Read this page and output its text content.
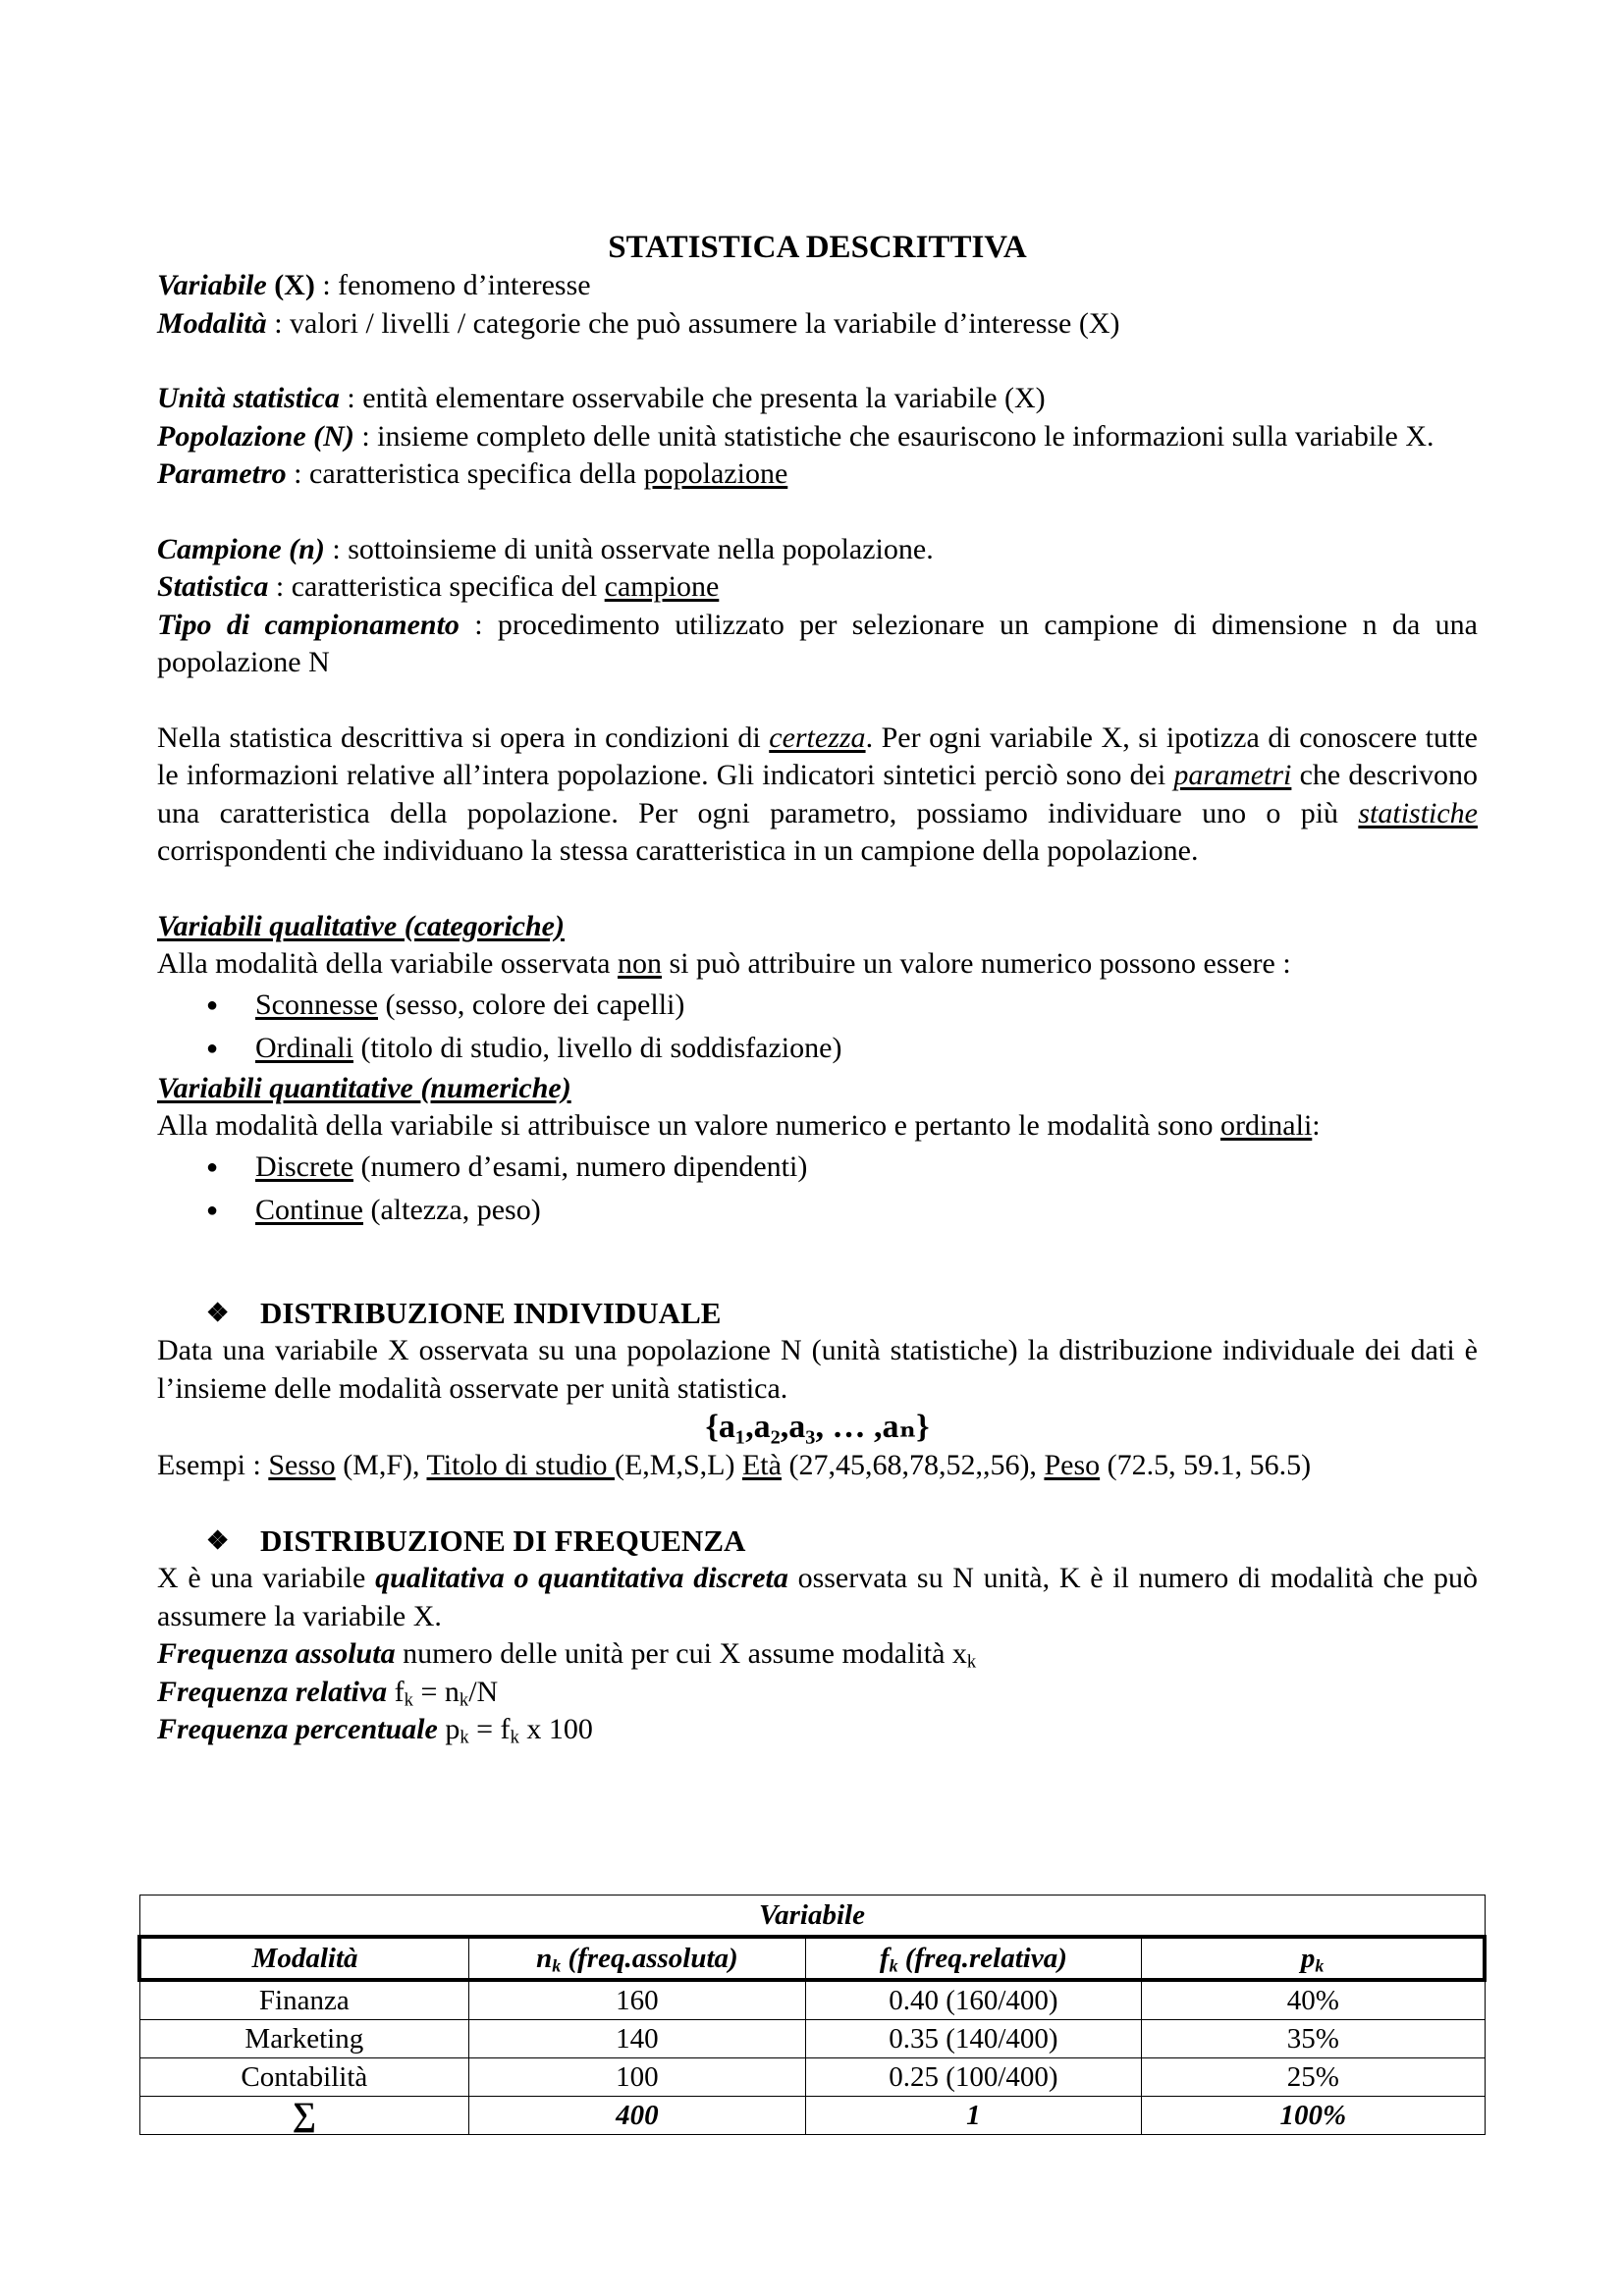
STATISTICA DESCRITTIVA

Variabile (X) : fenomeno d’interesse

Modalità : valori / livelli / categorie che può assumere la variabile d’interesse (X)

Unità statistica : entità elementare osservabile che presenta la variabile (X)

Popolazione (N) : insieme completo delle unità statistiche che esauriscono le informazioni sulla variabile X.

Parametro : caratteristica specifica della popolazione

Campione (n) : sottoinsieme di unità osservate nella popolazione.

Statistica : caratteristica specifica del campione

Tipo di campionamento : procedimento utilizzato per selezionare un campione di dimensione n da una popolazione N

Nella statistica descrittiva si opera in condizioni di certezza. Per ogni variabile X, si ipotizza di conoscere tutte le informazioni relative all’intera popolazione. Gli indicatori sintetici perciò sono dei parametri che descrivono una caratteristica della popolazione. Per ogni parametro, possiamo individuare uno o più statistiche corrispondenti che individuano la stessa caratteristica in un campione della popolazione.

Variabili qualitative (categoriche)

Alla modalità della variabile osservata non si può attribuire un valore numerico possono essere :

● Sconnesse (sesso, colore dei capelli)
● Ordinali (titolo di studio, livello di soddisfazione)

Variabili quantitative (numeriche)

Alla modalità della variabile si attribuisce un valore numerico e pertanto le modalità sono ordinali:

● Discrete (numero d’esami, numero dipendenti)
● Continue (altezza, peso)

❖ DISTRIBUZIONE INDIVIDUALE

Data una variabile X osservata su una popolazione N (unità statistiche) la distribuzione individuale dei dati è l’insieme delle modalità osservate per unità statistica.

{a₁,a₂,a₃, … ,aₙ}

Esempi : Sesso (M,F), Titolo di studio (E,M,S,L) Età (27,45,68,78,52,,56), Peso (72.5, 59.1, 56.5)

❖ DISTRIBUZIONE DI FREQUENZA

X è una variabile qualitativa o quantitativa discreta osservata su N unità, K è il numero di modalità che può assumere la variabile X.

Frequenza assoluta numero delle unità per cui X assume modalità $x_k$

Frequenza relativa $f_k = n_k/N$

Frequenza percentuale $p_k = f_k$ x 100

Variabile			
Modalità	$n_k$ (freq.assoluta)	$f_k$ (freq.relativa)	$p_k$
Finanza	160	0.40 (160/400)	40%
Marketing	140	0.35 (140/400)	35%
Contabilità	100	0.25 (100/400)	25%
∑	400	1	100%
